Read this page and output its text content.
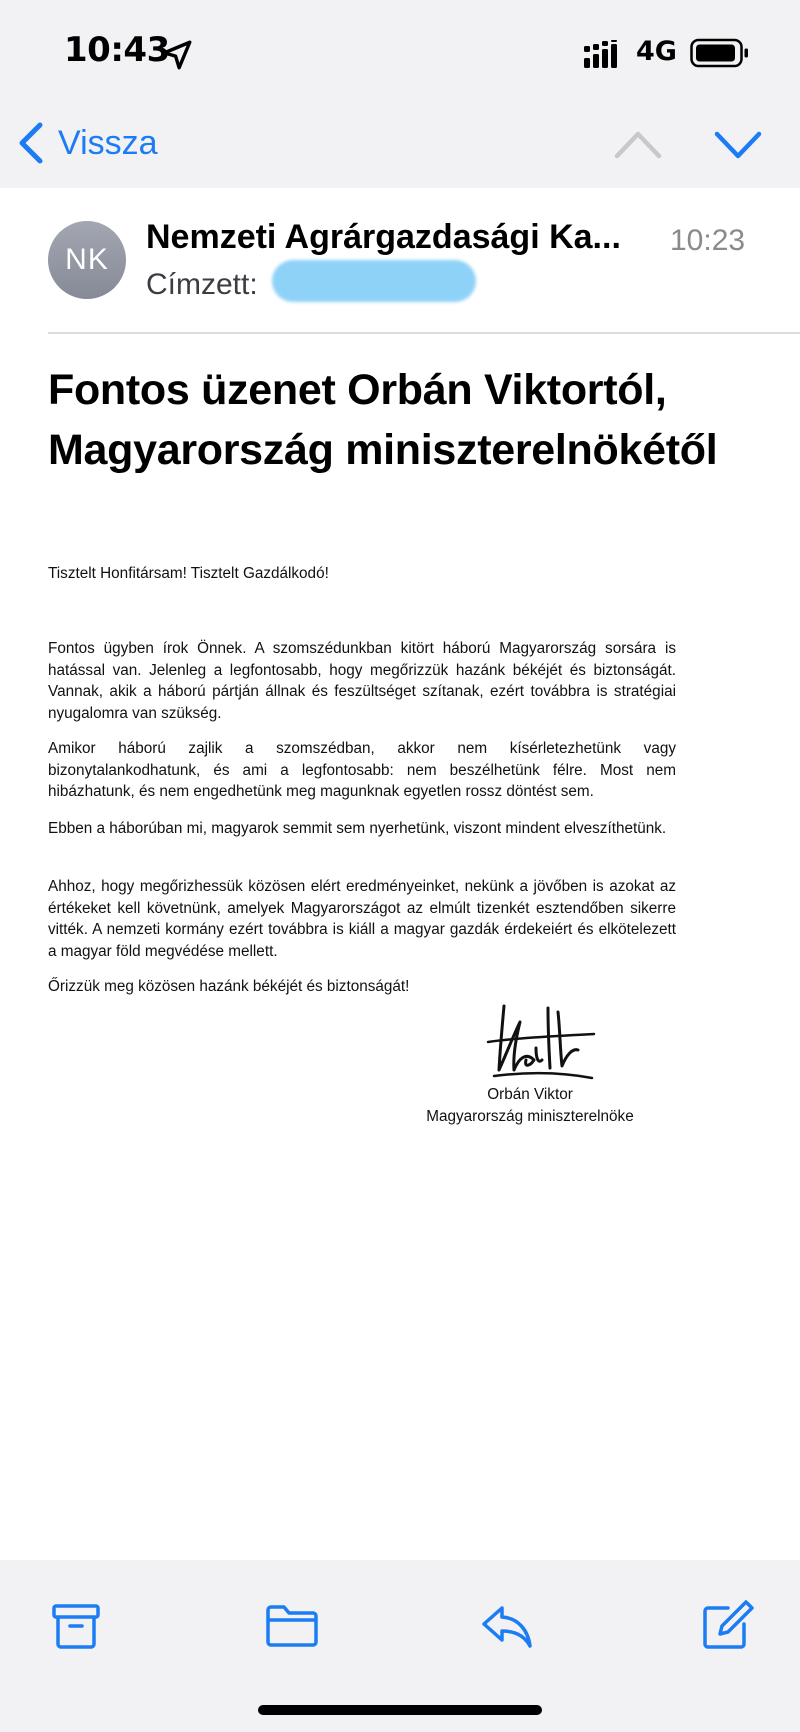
10:43	4G
Vissza
NK
Nemzeti Agrárgazdasági Ka...	10:23
Címzett:
Fontos üzenet Orbán Viktortól, Magyarország miniszterelnökétől

Tisztelt Honfitársam! Tisztelt Gazdálkodó!

Fontos ügyben írok Önnek. A szomszédunkban kitört háború Magyarország sorsára is hatással van. Jelenleg a legfontosabb, hogy megőrizzük hazánk békéjét és biztonságát. Vannak, akik a háború pártján állnak és feszültséget szítanak, ezért továbbra is stratégiai nyugalomra van szükség.

Amikor háború zajlik a szomszédban, akkor nem kísérletezhetünk vagy bizonytalankodhatunk, és ami a legfontosabb: nem beszélhetünk félre. Most nem hibázhatunk, és nem engedhetünk meg magunknak egyetlen rossz döntést sem.

Ebben a háborúban mi, magyarok semmit sem nyerhetünk, viszont mindent elveszíthetünk.

Ahhoz, hogy megőrizhessük közösen elért eredményeinket, nekünk a jövőben is azokat az értékeket kell követnünk, amelyek Magyarországot az elmúlt tizenkét esztendőben sikerre vitték. A nemzeti kormány ezért továbbra is kiáll a magyar gazdák érdekeiért és elkötelezett a magyar föld megvédése mellett.

Őrizzük meg közösen hazánk békéjét és biztonságát!

Orbán Viktor
Magyarország miniszterelnöke
